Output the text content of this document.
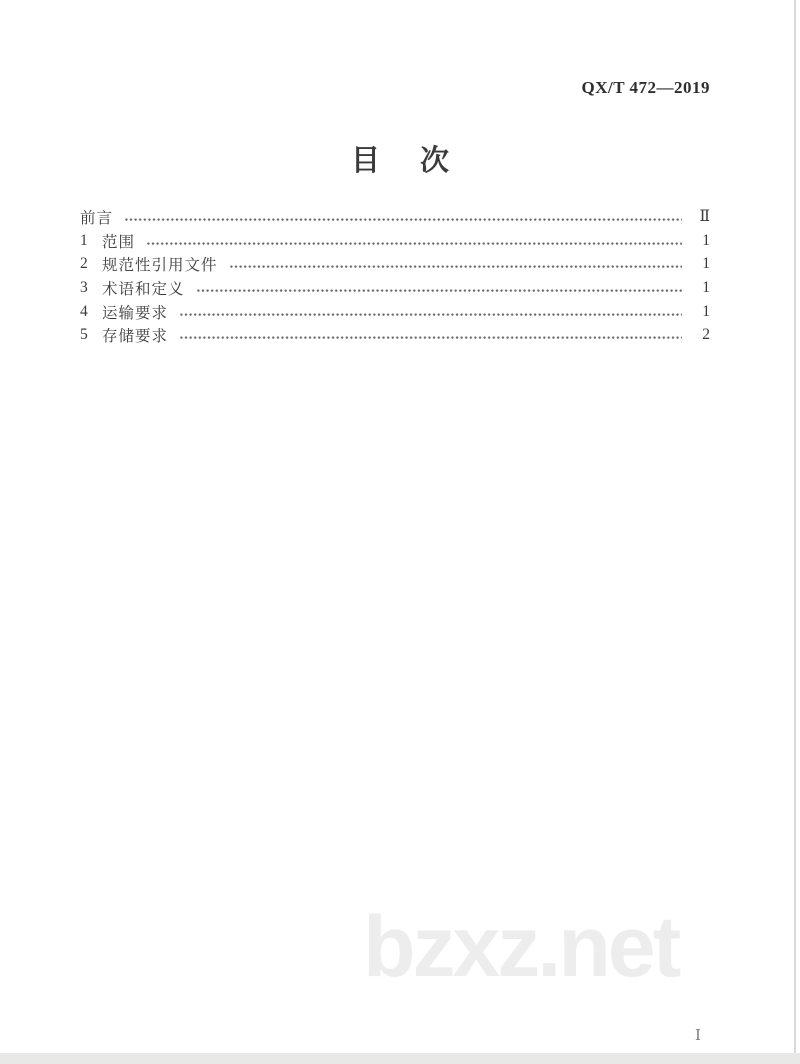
QX/T 472—2019
目 次
前言	Ⅱ
1 范围	1
2 规范性引用文件	1
3 术语和定义	1
4 运输要求	1
5 存储要求	2
bzxz.net
Ⅰ
